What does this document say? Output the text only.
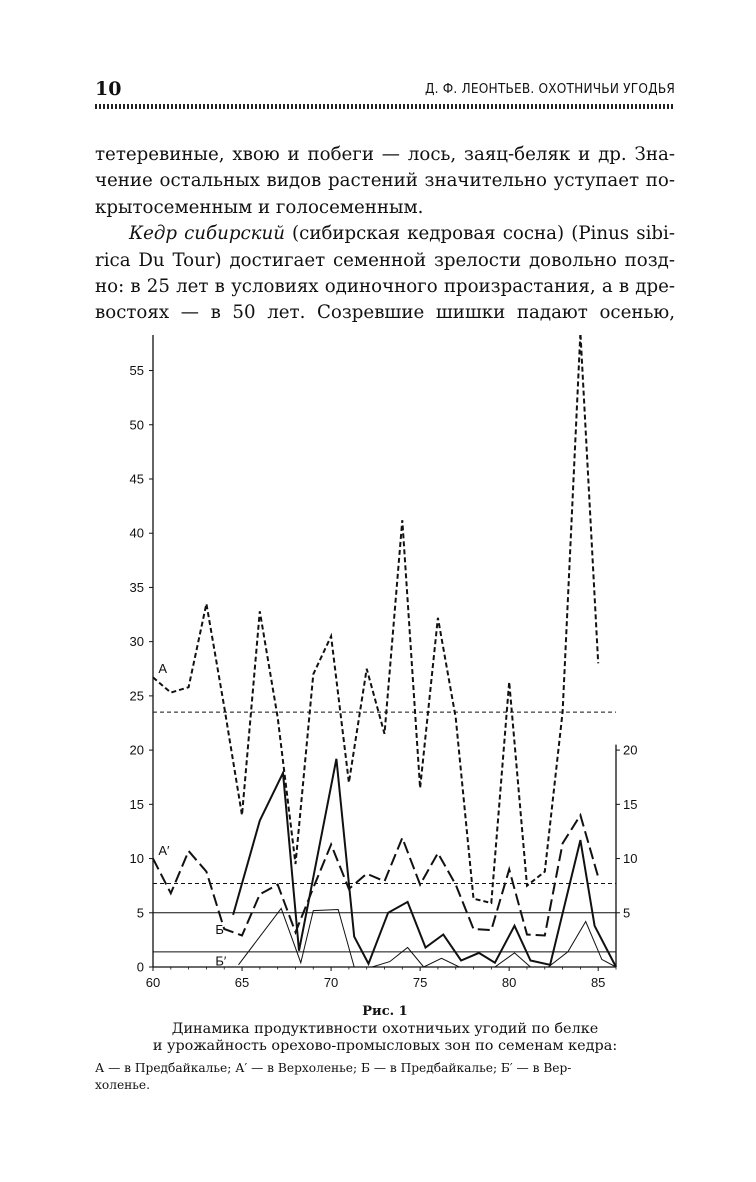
10	Д. Ф. ЛЕОНТЬЕВ. ОХОТНИЧЬИ УГОДЬЯ
тетеревиные, хвою и побеги — лось, заяц-беляк и др. Зна-
чение остальных видов растений значительно уступает по-
крытосеменным и голосеменным.
Кедр сибирский (сибирская кедровая сосна) (Pinus sibi-
rica Du Tour) достигает семенной зрелости довольно позд-
но: в 25 лет в условиях одиночного произрастания, а в дре-
востоях — в 50 лет. Созревшие шишки падают осенью,
0
5
10
15
20
25
30
35
40
45
50
55
5
10
15
20
60	65	70	75	80	85
А
А′
Б
Б′
Рис. 1
Динамика продуктивности охотничьих угодий по белке
и урожайность орехово-промысловых зон по семенам кедра:
А — в Предбайкалье; А′ — в Верхоленье; Б — в Предбайкалье; Б′ — в Вер-
холенье.
